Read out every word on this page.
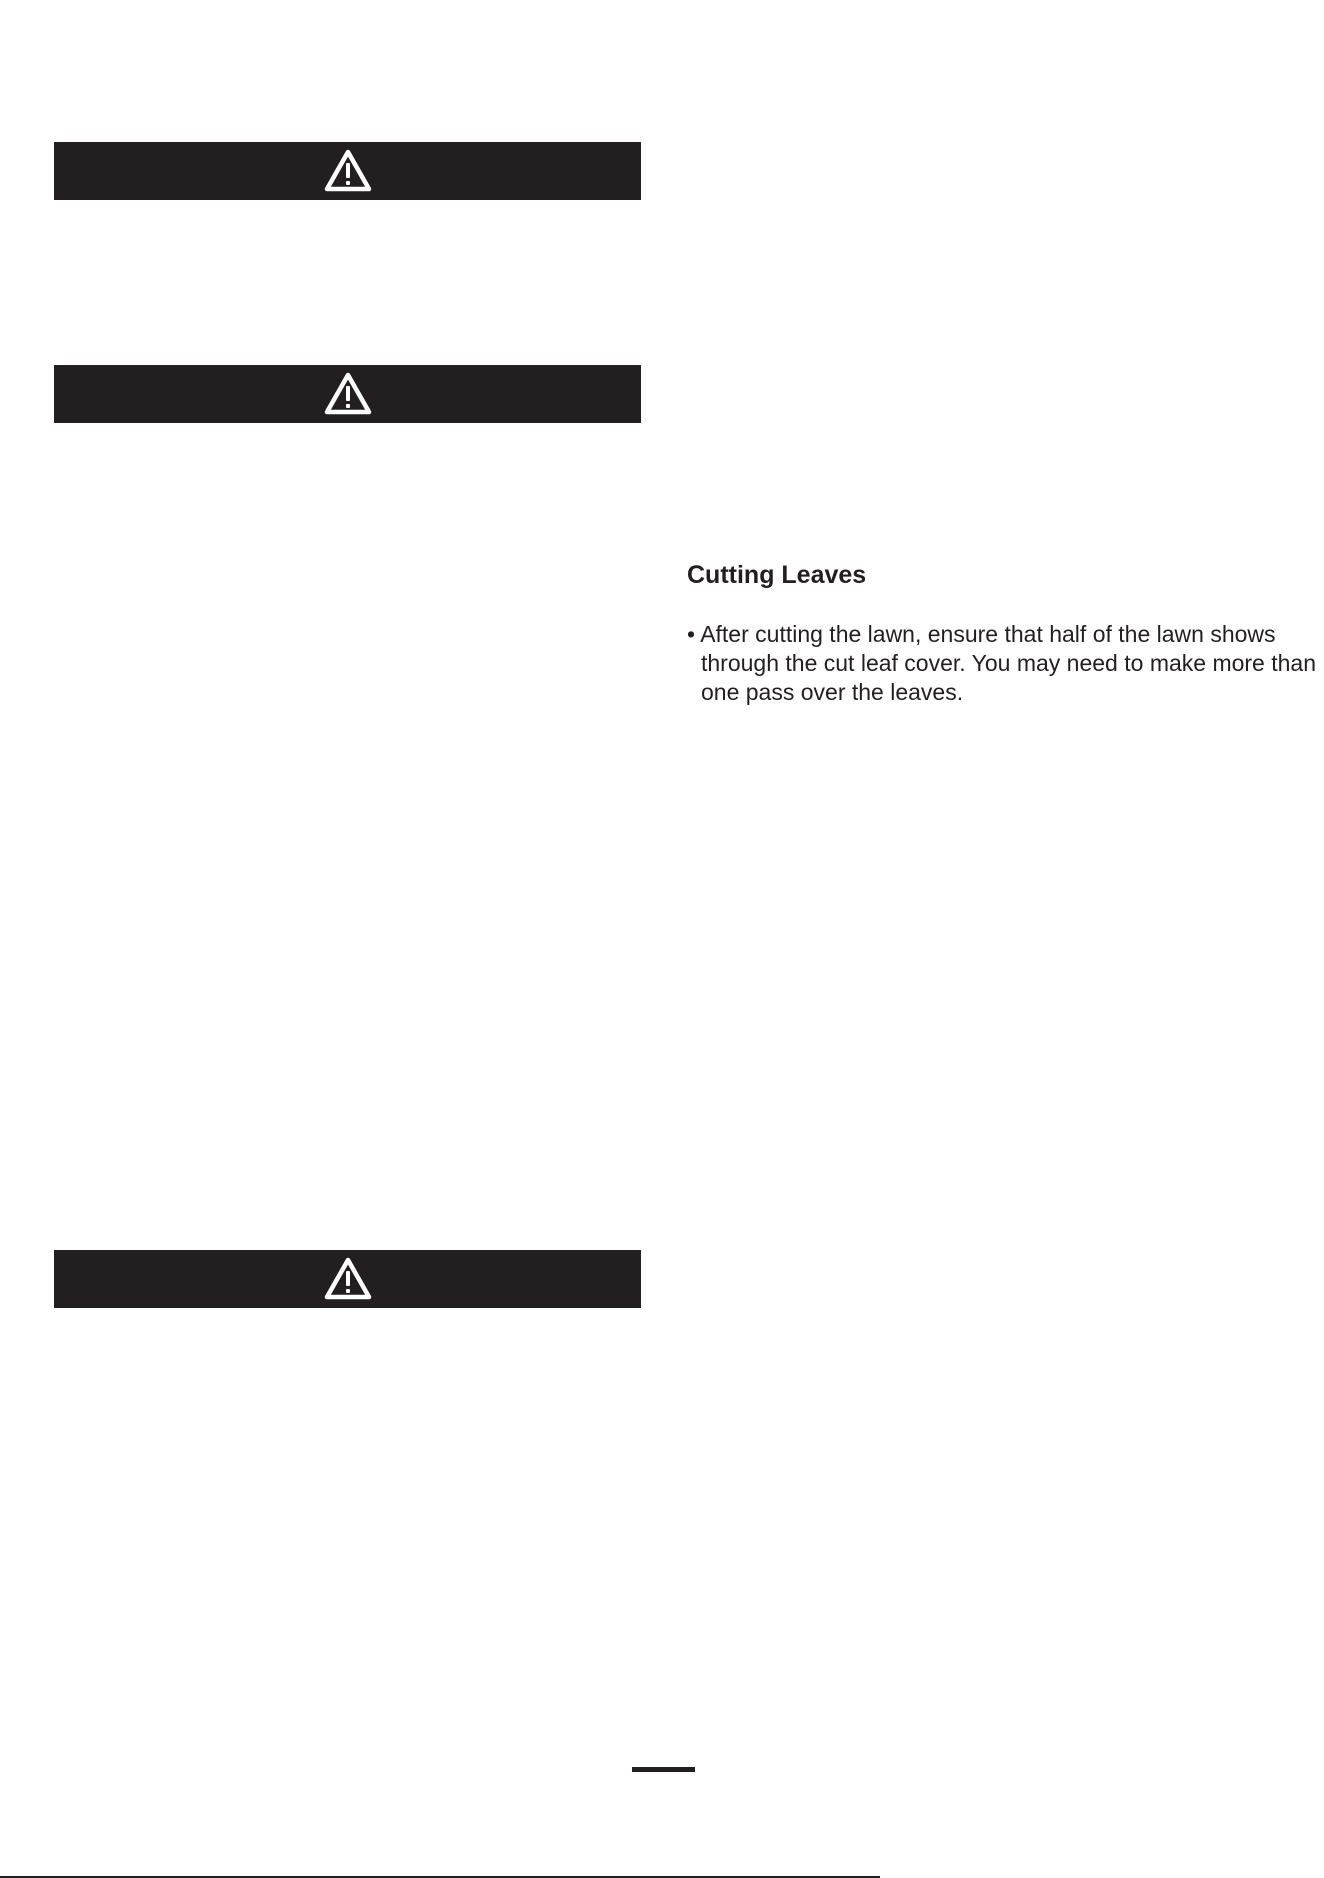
Cutting Leaves

• After cutting the lawn, ensure that half of the lawn shows through the cut leaf cover. You may need to make more than one pass over the leaves.
